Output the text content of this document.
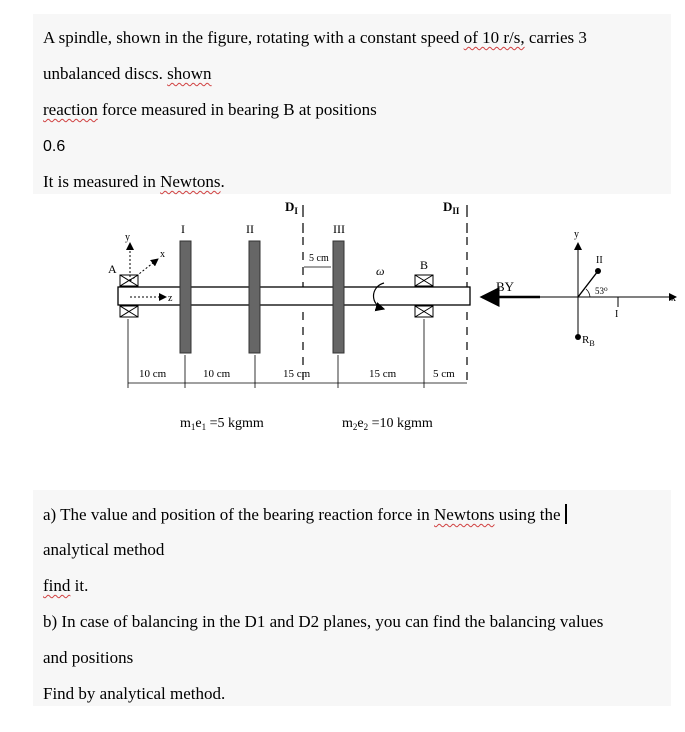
A spindle, shown in the figure, rotating with a constant speed of 10 r/s, carries 3
unbalanced discs. shown
reaction force measured in bearing B at positions
0.6
It is measured in Newtons.
$D_I$	$D_{II}$
I	II	III
A	B
y
x
z
5 cm
ω
BY
10 cm	10 cm	15 cm	15 cm	5 cm
$m_1e_1 =5$ kgmm	$m_2e_2 =10$ kgmm
y
x
II
I
53⁰
$R_B$
a) The value and position of the bearing reaction force in Newtons using the
analytical method
find it.
b) In case of balancing in the D1 and D2 planes, you can find the balancing values
and positions
Find by analytical method.
